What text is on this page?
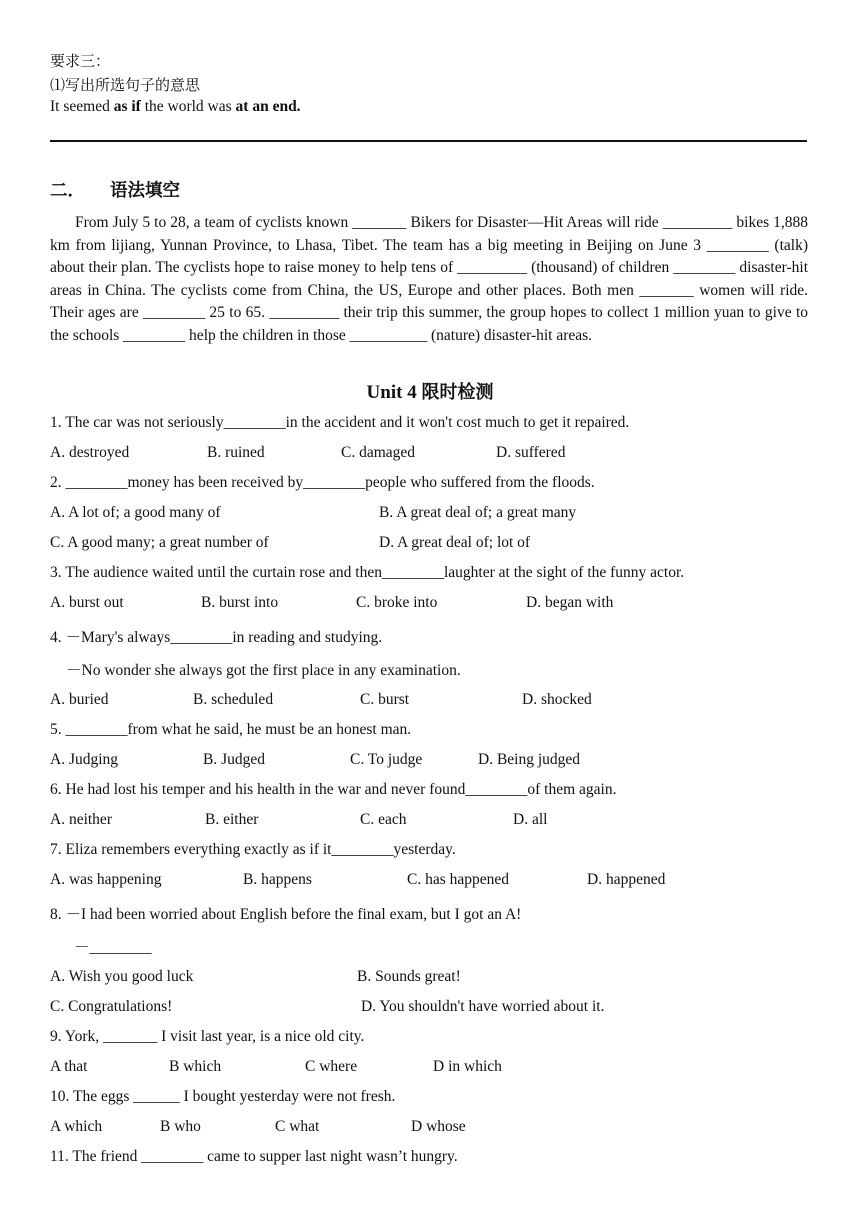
要求三：
⑴写出所选句子的意思
It seemed as if the world was at an end.
二． 语法填空
From July 5 to 28, a team of cyclists known _______ Bikers for Disaster—Hit Areas will ride _________ bikes 1,888 km from lijiang, Yunnan Province, to Lhasa, Tibet. The team has a big meeting in Beijing on June 3 ________ (talk) about their plan. The cyclists hope to raise money to help tens of _________ (thousand) of children ________ disaster-hit areas in China. The cyclists come from China, the US, Europe and other places. Both men _______ women will ride. Their ages are ________ 25 to 65. _________ their trip this summer, the group hopes to collect 1 million yuan to give to the schools ________ help the children in those __________ (nature) disaster-hit areas.
Unit 4 限时检测
1. The car was not seriously________in the accident and it won't cost much to get it repaired.
A. destroyed	B. ruined	C. damaged	D. suffered
2. ________money has been received by________people who suffered from the floods.
A. A lot of; a good many of	B. A great deal of; a great many
C. A good many; a great number of	D. A great deal of; lot of
3. The audience waited until the curtain rose and then________laughter at the sight of the funny actor.
A. burst out	B. burst into	C. broke into	D. began with
4. －Mary's always________in reading and studying.
－No wonder she always got the first place in any examination.
A. buried	B. scheduled	C. burst	D. shocked
5. ________from what he said, he must be an honest man.
A. Judging	B. Judged	C. To judge	D. Being judged
6. He had lost his temper and his health in the war and never found________of them again.
A. neither	B. either	C. each	D. all
7. Eliza remembers everything exactly as if it________yesterday.
A. was happening	B. happens	C. has happened	D. happened
8. －I had been worried about English before the final exam, but I got an A!
－________
A. Wish you good luck	B. Sounds great!
C. Congratulations!	D. You shouldn't have worried about it.
9. York, _______ I visit last year, is a nice old city.
A that	B which	C where	D in which
10. The eggs ______ I bought yesterday were not fresh.
A which	B who	C what	D whose
11. The friend ________ came to supper last night wasn’t hungry.
